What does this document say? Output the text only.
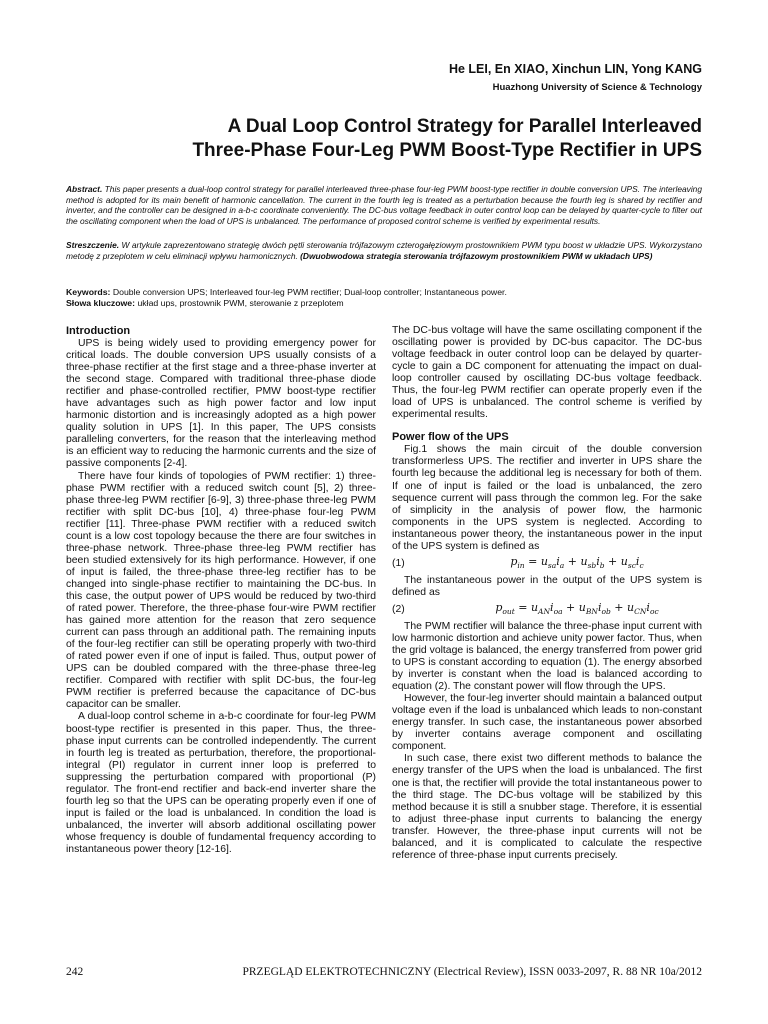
He LEI, En XIAO, Xinchun LIN, Yong KANG
Huazhong University of Science & Technology
A Dual Loop Control Strategy for Parallel Interleaved
Three-Phase Four-Leg PWM Boost-Type Rectifier in UPS
Abstract. This paper presents a dual-loop control strategy for parallel interleaved three-phase four-leg PWM boost-type rectifier in double conversion UPS. The interleaving method is adopted for its main benefit of harmonic cancellation. The current in the fourth leg is treated as a perturbation because the fourth leg is shared by rectifier and inverter, and the controller can be designed in a-b-c coordinate conveniently. The DC-bus voltage feedback in outer control loop can be delayed by quarter-cycle to filter out the oscillating component when the load of UPS is unbalanced. The performance of proposed control scheme is verified by experimental results.
Streszczenie. W artykule zaprezentowano strategię dwóch pętli sterowania trójfazowym czterogałęziowym prostownikiem PWM typu boost w układzie UPS. Wykorzystano metodę z przeplotem w celu eliminacji wpływu harmonicznych. (Dwuobwodowa strategia sterowania trójfazowym prostownikiem PWM w układach UPS)
Keywords: Double conversion UPS; Interleaved four-leg PWM rectifier; Dual-loop controller; Instantaneous power.
Słowa kluczowe: układ ups, prostownik PWM, sterowanie z przeplotem
Introduction

UPS is being widely used to providing emergency power for critical loads. The double conversion UPS usually consists of a three-phase rectifier at the first stage and a three-phase inverter at the second stage. Compared with traditional three-phase diode rectifier and phase-controlled rectifier, PMW boost-type rectifier have advantages such as high power factor and low input harmonic distortion and is increasingly adopted as a high power quality solution in UPS [1]. In this paper, The UPS consists paralleling converters, for the reason that the interleaving method is an efficient way to reducing the harmonic currents and the size of passive components [2-4].

There have four kinds of topologies of PWM rectifier: 1) three-phase PWM rectifier with a reduced switch count [5], 2) three-phase three-leg PWM rectifier [6-9], 3) three-phase three-leg PWM rectifier with split DC-bus [10], 4) three-phase four-leg PWM rectifier [11]. Three-phase PWM rectifier with a reduced switch count is a low cost topology because the there are four switches in three-phase network. Three-phase three-leg PWM rectifier has been studied extensively for its high performance. However, if one of input is failed, the three-phase three-leg rectifier has to be changed into single-phase rectifier to maintaining the DC-bus. In this case, the output power of UPS would be reduced by two-third of rated power. Therefore, the three-phase four-wire PWM rectifier has gained more attention for the reason that zero sequence current can pass through an additional path. The remaining inputs of the four-leg rectifier can still be operating properly with two-third of rated power even if one of input is failed. Thus, output power of UPS can be doubled compared with the three-phase three-leg rectifier. Compared with rectifier with split DC-bus, the four-leg PWM rectifier is preferred because the capacitance of DC-bus capacitor can be smaller.

A dual-loop control scheme in a-b-c coordinate for four-leg PWM boost-type rectifier is presented in this paper. Thus, the three-phase input currents can be controlled independently. The current in fourth leg is treated as perturbation, therefore, the proportional-integral (PI) regulator in current inner loop is preferred to suppressing the perturbation compared with proportional (P) regulator. The front-end rectifier and back-end inverter share the fourth leg so that the UPS can be operating properly even if one of input is failed or the load is unbalanced. In condition the load is unbalanced, the inverter will absorb additional oscillating power whose frequency is double of fundamental frequency according to instantaneous power theory [12-16].

The DC-bus voltage will have the same oscillating component if the oscillating power is provided by DC-bus capacitor. The DC-bus voltage feedback in outer control loop can be delayed by quarter-cycle to gain a DC component for attenuating the impact on dual-loop controller caused by oscillating DC-bus voltage feedback. Thus, the four-leg PWM rectifier can operate properly even if the load of UPS is unbalanced. The control scheme is verified by experimental results.

Power flow of the UPS

Fig.1 shows the main circuit of the double conversion transformerless UPS. The rectifier and inverter in UPS share the fourth leg because the additional leg is necessary for both of them. If one of input is failed or the load is unbalanced, the zero sequence current will pass through the common leg. For the sake of simplicity in the analysis of power flow, the harmonic components in the UPS system is neglected. According to instantaneous power theory, the instantaneous power in the input of the UPS system is defined as

(1)	$p_{in} = u_{sa}i_a + u_{sb}i_b + u_{sc}i_c$

The instantaneous power in the output of the UPS system is defined as

(2)	$p_{out} = u_{AN}i_{oa} + u_{BN}i_{ob} + u_{CN}i_{oc}$

The PWM rectifier will balance the three-phase input current with low harmonic distortion and achieve unity power factor. Thus, when the grid voltage is balanced, the energy transferred from power grid to UPS is constant according to equation (1). The energy absorbed by inverter is constant when the load is balanced according to equation (2). The constant power will flow through the UPS.

However, the four-leg inverter should maintain a balanced output voltage even if the load is unbalanced which leads to non-constant energy transfer. In such case, the instantaneous power absorbed by inverter contains average component and oscillating component.

In such case, there exist two different methods to balance the energy transfer of the UPS when the load is unbalanced. The first one is that, the rectifier will provide the total instantaneous power to the third stage. The DC-bus voltage will be stabilized by this method because it is still a snubber stage. Therefore, it is essential to adjust three-phase input currents to balancing the energy transfer. However, the three-phase input currents will not be balanced, and it is complicated to calculate the respective reference of three-phase input currents precisely.

242	PRZEGLĄD ELEKTROTECHNICZNY (Electrical Review), ISSN 0033-2097, R. 88 NR 10a/2012
